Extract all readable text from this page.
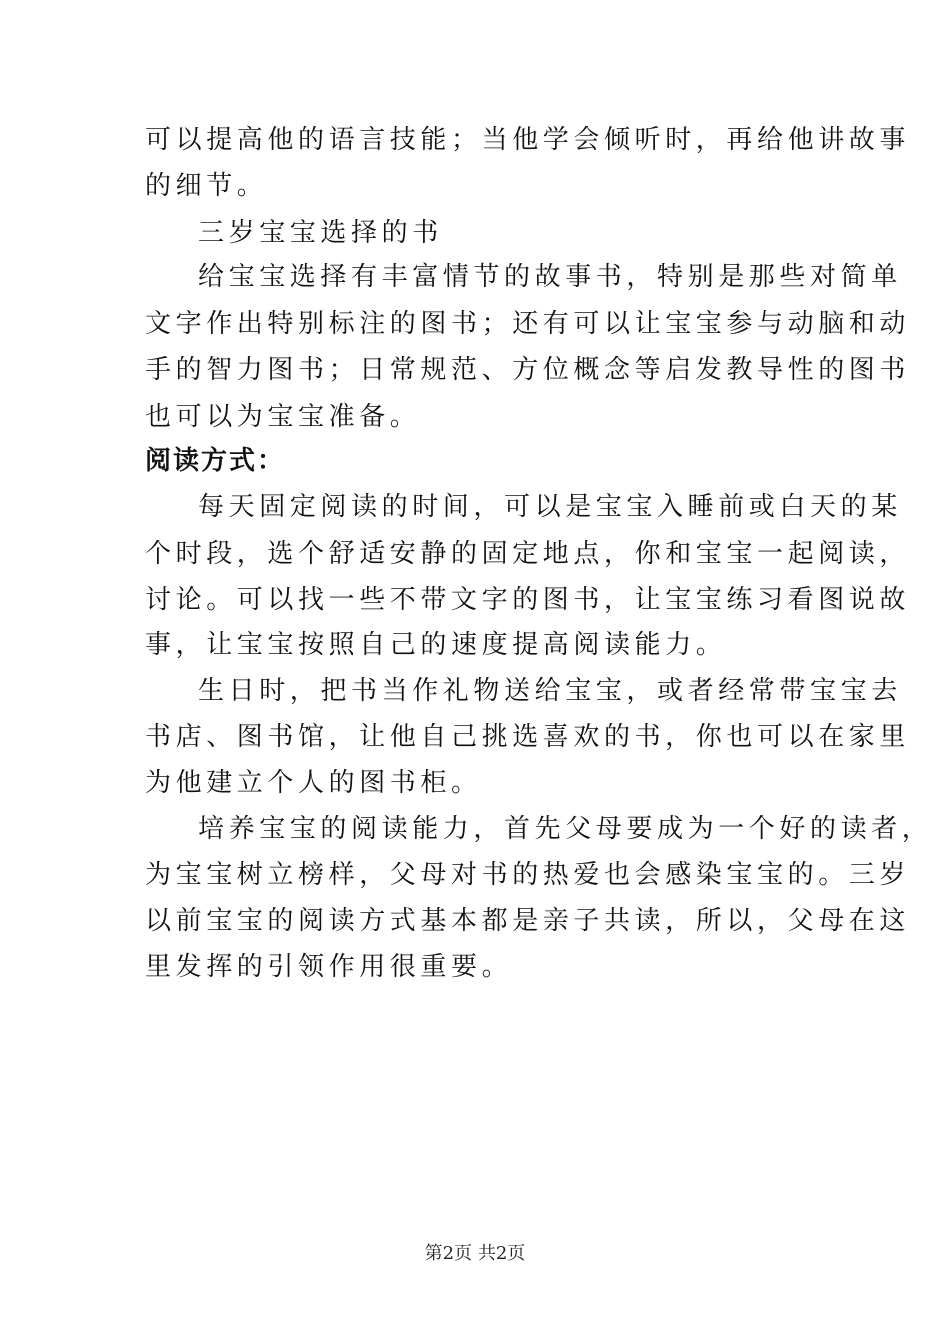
可以提高他的语言技能；当他学会倾听时，再给他讲故事
的细节。
三岁宝宝选择的书
给宝宝选择有丰富情节的故事书，特别是那些对简单
文字作出特别标注的图书；还有可以让宝宝参与动脑和动
手的智力图书；日常规范、方位概念等启发教导性的图书
也可以为宝宝准备。
阅读方式：
每天固定阅读的时间，可以是宝宝入睡前或白天的某
个时段，选个舒适安静的固定地点，你和宝宝一起阅读，
讨论。可以找一些不带文字的图书，让宝宝练习看图说故
事，让宝宝按照自己的速度提高阅读能力。
生日时，把书当作礼物送给宝宝，或者经常带宝宝去
书店、图书馆，让他自己挑选喜欢的书，你也可以在家里
为他建立个人的图书柜。
培养宝宝的阅读能力，首先父母要成为一个好的读者，
为宝宝树立榜样，父母对书的热爱也会感染宝宝的。三岁
以前宝宝的阅读方式基本都是亲子共读，所以，父母在这
里发挥的引领作用很重要。
第2页 共2页
